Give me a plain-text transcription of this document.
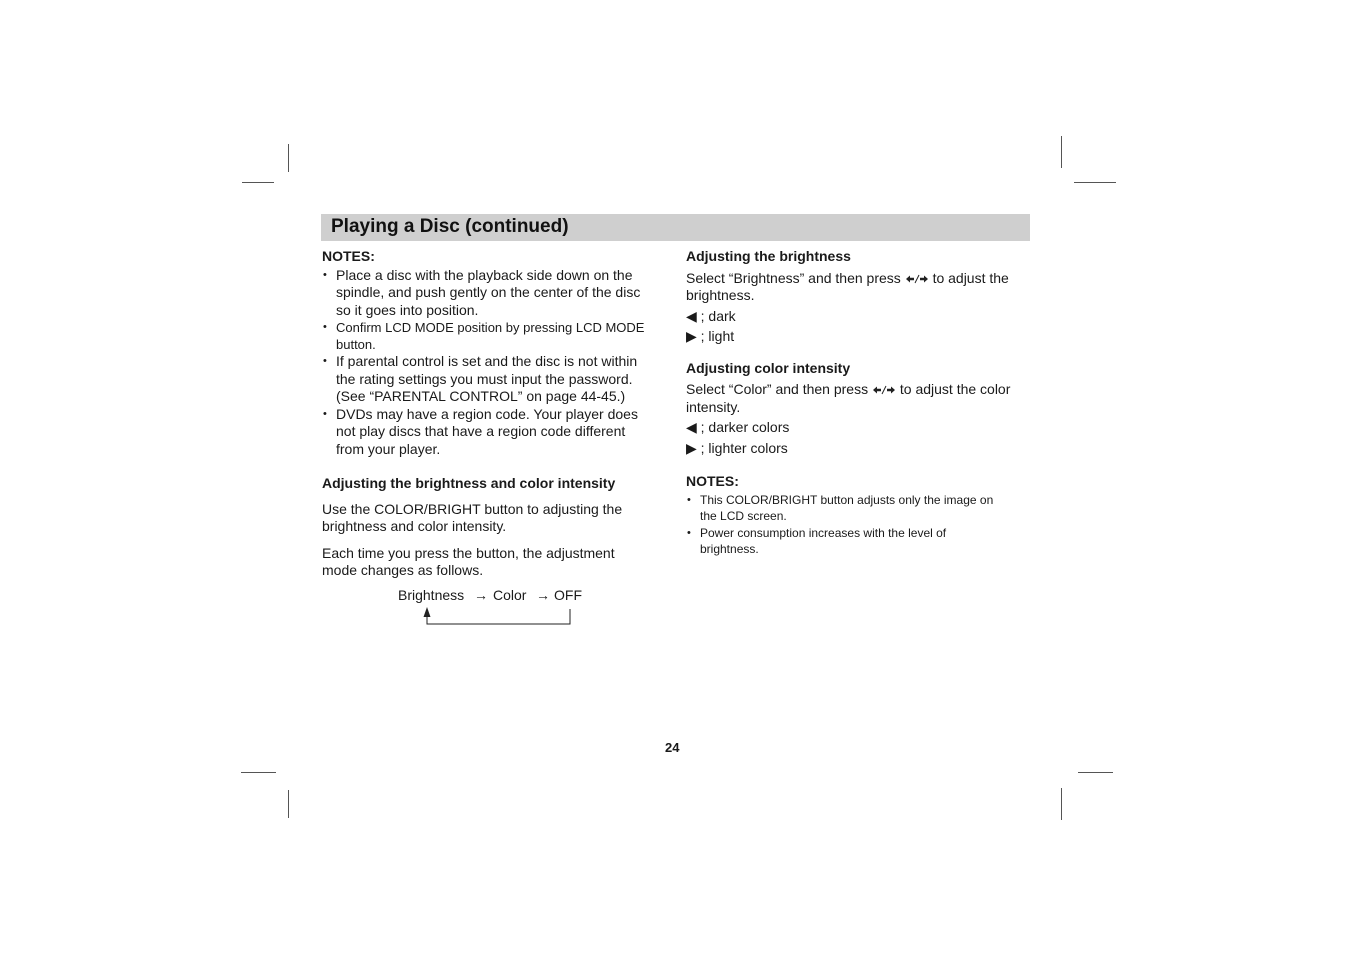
Playing a Disc (continued)
NOTES:
• Place a disc with the playback side down on the
spindle, and push gently on the center of the disc
so it goes into position.
• Confirm LCD MODE position by pressing LCD MODE
button.
• If parental control is set and the disc is not within
the rating settings you must input the password.
(See “PARENTAL CONTROL” on page 44-45.)
• DVDs may have a region code. Your player does
not play discs that have a region code different
from your player.
Adjusting the brightness and color intensity

Use the COLOR/BRIGHT button to adjusting the
brightness and color intensity.

Each time you press the button, the adjustment
mode changes as follows.

Brightness → Color → OFF
Adjusting the brightness

Select “Brightness” and then press to adjust the
brightness.

◀ ; dark
▶ ; light
Adjusting color intensity

Select “Color” and then press to adjust the color
intensity.

◀ ; darker colors
▶ ; lighter colors
NOTES:
• This COLOR/BRIGHT button adjusts only the image on
the LCD screen.
• Power consumption increases with the level of
brightness.
24
